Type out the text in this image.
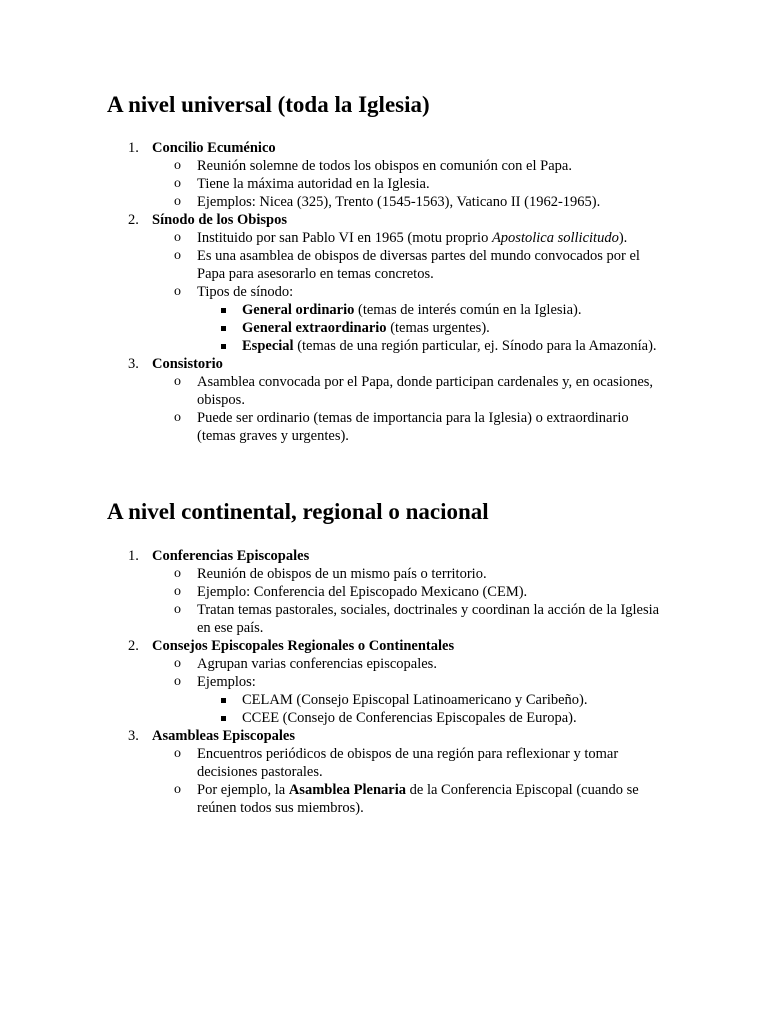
A nivel universal (toda la Iglesia)
1. Concilio Ecuménico
o Reunión solemne de todos los obispos en comunión con el Papa.
o Tiene la máxima autoridad en la Iglesia.
o Ejemplos: Nicea (325), Trento (1545-1563), Vaticano II (1962-1965).
2. Sínodo de los Obispos
o Instituido por san Pablo VI en 1965 (motu proprio Apostolica sollicitudo).
o Es una asamblea de obispos de diversas partes del mundo convocados por el Papa para asesorarlo en temas concretos.
o Tipos de sínodo:
General ordinario (temas de interés común en la Iglesia).
General extraordinario (temas urgentes).
Especial (temas de una región particular, ej. Sínodo para la Amazonía).
3. Consistorio
o Asamblea convocada por el Papa, donde participan cardenales y, en ocasiones, obispos.
o Puede ser ordinario (temas de importancia para la Iglesia) o extraordinario (temas graves y urgentes).
A nivel continental, regional o nacional
1. Conferencias Episcopales
o Reunión de obispos de un mismo país o territorio.
o Ejemplo: Conferencia del Episcopado Mexicano (CEM).
o Tratan temas pastorales, sociales, doctrinales y coordinan la acción de la Iglesia en ese país.
2. Consejos Episcopales Regionales o Continentales
o Agrupan varias conferencias episcopales.
o Ejemplos:
CELAM (Consejo Episcopal Latinoamericano y Caribeño).
CCEE (Consejo de Conferencias Episcopales de Europa).
3. Asambleas Episcopales
o Encuentros periódicos de obispos de una región para reflexionar y tomar decisiones pastorales.
o Por ejemplo, la Asamblea Plenaria de la Conferencia Episcopal (cuando se reúnen todos sus miembros).
